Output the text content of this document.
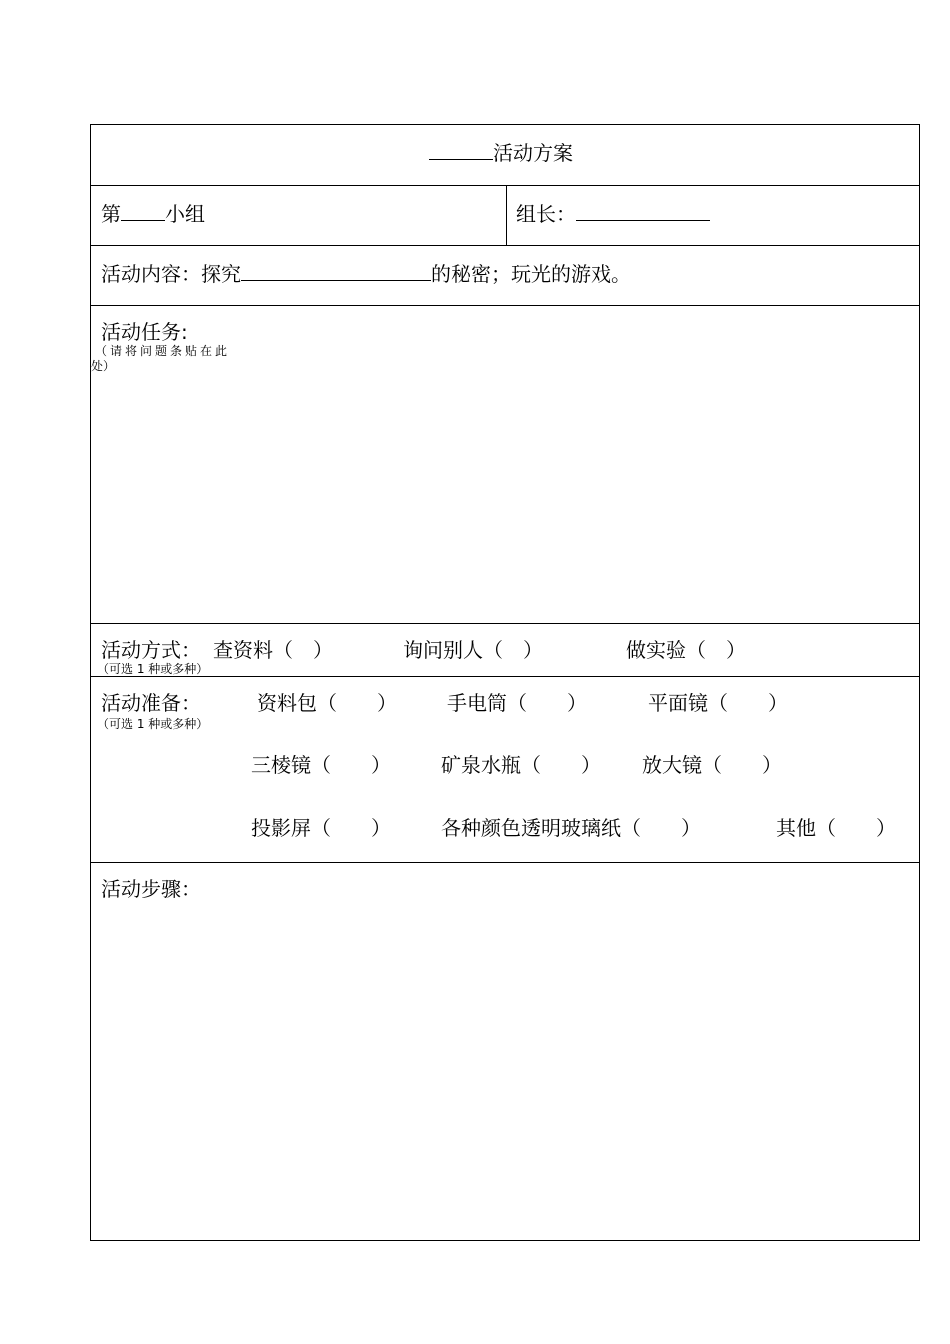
活动方案
第 小组	组长：
活动内容：探究	的秘密；玩光的游戏。
活动任务:
（请将问题条贴在此
处）
活动方式：
（可选 1 种或多种）
查资料（　）	询问别人（　）	做实验（　）
活动准备：
（可选 1 种或多种）
资料包（　　）	手电筒（　　）	平面镜（　　）
三棱镜（　　）	矿泉水瓶（　　） 放大镜（　　）
投影屏（　　）	各种颜色透明玻璃纸（　　）	其他（　　）
活动步骤：
